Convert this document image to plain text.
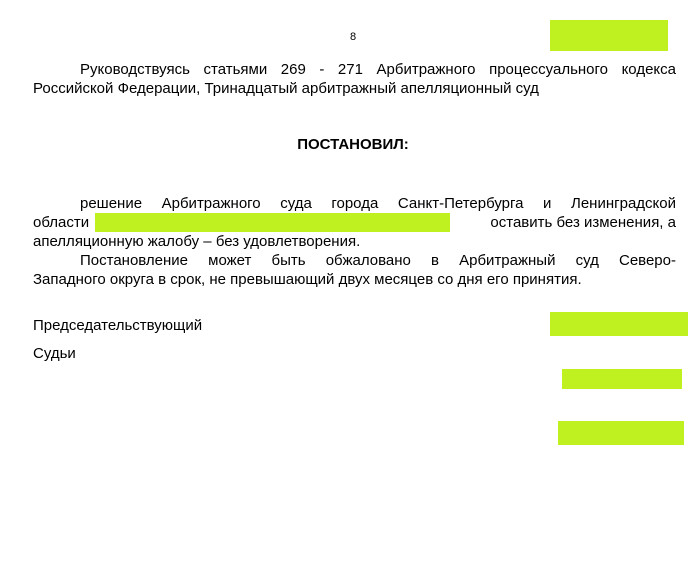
8
Руководствуясь статьями 269 - 271 Арбитражного процессуального кодекса
Российской Федерации, Тринадцатый арбитражный апелляционный суд
ПОСТАНОВИЛ:
решение Арбитражного суда города Санкт-Петербурга и Ленинградской
области	оставить без изменения, а
апелляционную жалобу – без удовлетворения.
Постановление может быть обжаловано в Арбитражный суд Северо-
Западного округа в срок, не превышающий двух месяцев со дня его принятия.
Председательствующий
Судьи
